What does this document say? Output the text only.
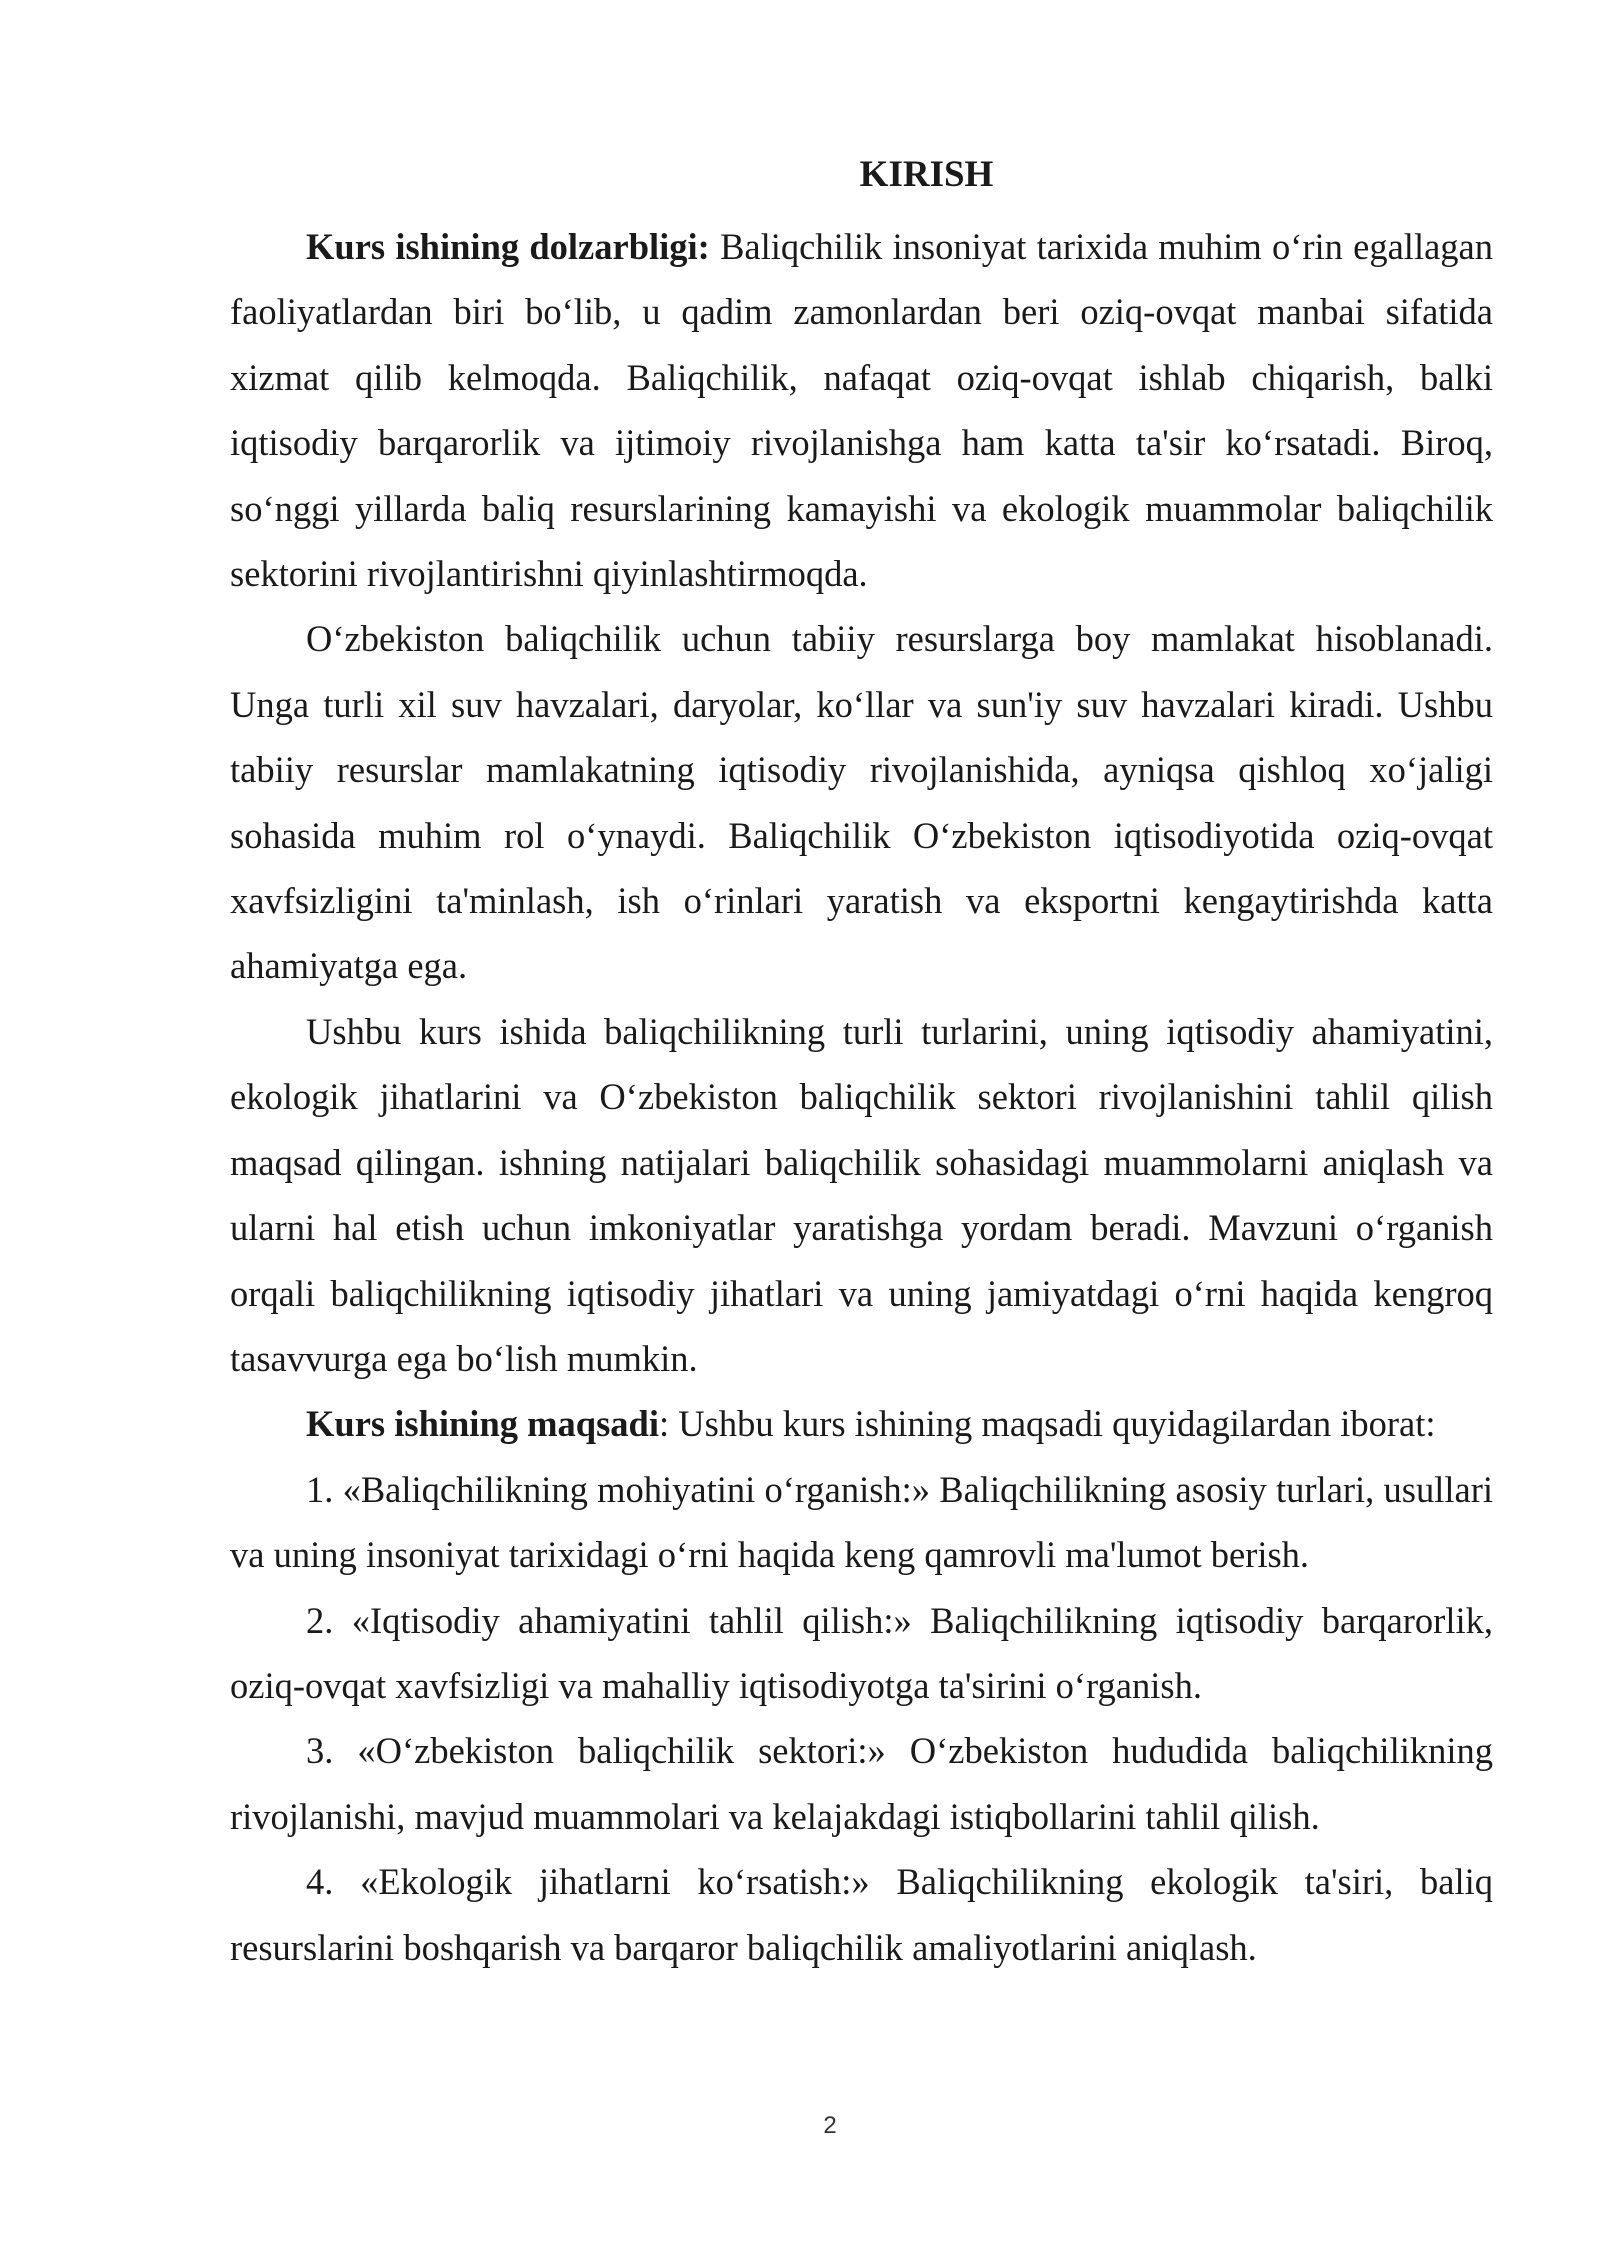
KIRISH

Kurs ishining dolzarbligi: Baliqchilik insoniyat tarixida muhim o‘rin egallagan faoliyatlardan biri bo‘lib, u qadim zamonlardan beri oziq-ovqat manbai sifatida xizmat qilib kelmoqda. Baliqchilik, nafaqat oziq-ovqat ishlab chiqarish, balki iqtisodiy barqarorlik va ijtimoiy rivojlanishga ham katta ta'sir ko‘rsatadi. Biroq, so‘nggi yillarda baliq resurslarining kamayishi va ekologik muammolar baliqchilik sektorini rivojlantirishni qiyinlashtirmoqda.

O‘zbekiston baliqchilik uchun tabiiy resurslarga boy mamlakat hisoblanadi. Unga turli xil suv havzalari, daryolar, ko‘llar va sun'iy suv havzalari kiradi. Ushbu tabiiy resurslar mamlakatning iqtisodiy rivojlanishida, ayniqsa qishloq xo‘jaligi sohasida muhim rol o‘ynaydi. Baliqchilik O‘zbekiston iqtisodiyotida oziq-ovqat xavfsizligini ta'minlash, ish o‘rinlari yaratish va eksportni kengaytirishda katta ahamiyatga ega.

Ushbu kurs ishida baliqchilikning turli turlarini, uning iqtisodiy ahamiyatini, ekologik jihatlarini va O‘zbekiston baliqchilik sektori rivojlanishini tahlil qilish maqsad qilingan. ishning natijalari baliqchilik sohasidagi muammolarni aniqlash va ularni hal etish uchun imkoniyatlar yaratishga yordam beradi. Mavzuni o‘rganish orqali baliqchilikning iqtisodiy jihatlari va uning jamiyatdagi o‘rni haqida kengroq tasavvurga ega bo‘lish mumkin.

Kurs ishining maqsadi: Ushbu kurs ishining maqsadi quyidagilardan iborat:

1. «Baliqchilikning mohiyatini o‘rganish:» Baliqchilikning asosiy turlari, usullari va uning insoniyat tarixidagi o‘rni haqida keng qamrovli ma'lumot berish.

2. «Iqtisodiy ahamiyatini tahlil qilish:» Baliqchilikning iqtisodiy barqarorlik, oziq-ovqat xavfsizligi va mahalliy iqtisodiyotga ta'sirini o‘rganish.

3. «O‘zbekiston baliqchilik sektori:» O‘zbekiston hududida baliqchilikning rivojlanishi, mavjud muammolari va kelajakdagi istiqbollarini tahlil qilish.

4. «Ekologik jihatlarni ko‘rsatish:» Baliqchilikning ekologik ta'siri, baliq resurslarini boshqarish va barqaror baliqchilik amaliyotlarini aniqlash.

2
